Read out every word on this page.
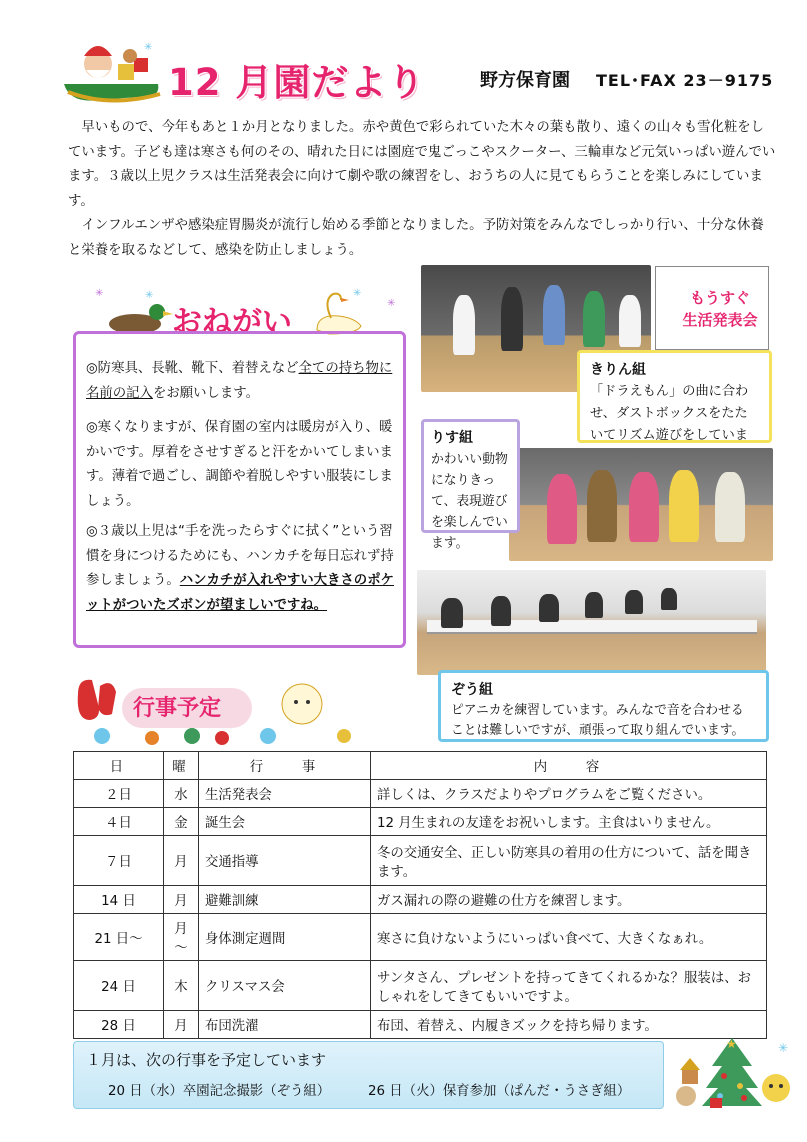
✳
12 月園だより	野方保育園 TEL･FAX 23－9175

早いもので、今年もあと１か月となりました。赤や黄色で彩られていた木々の葉も散り、遠くの山々も雪化粧をしています。子ども達は寒さも何のその、晴れた日には園庭で鬼ごっこやスクーター、三輪車など元気いっぱい遊んでいます。３歳以上児クラスは生活発表会に向けて劇や歌の練習をし、おうちの人に見てもらうことを楽しみにしています。

インフルエンザや感染症胃腸炎が流行し始める季節となりました。予防対策をみんなでしっかり行い、十分な休養と栄養を取るなどして、感染を防止しましょう。

✳	✳	✳
✳
おねがい
◎防寒具、長靴、靴下、着替えなど全ての持ち物に名前の記入をお願いします。
◎寒くなりますが、保育園の室内は暖房が入り、暖かいです。厚着をさせすぎると汗をかいてしまいます。薄着で過ごし、調節や着脱しやすい服装にしましょう。
◎３歳以上児は“手を洗ったらすぐに拭く”という習慣を身につけるためにも、ハンカチを毎日忘れず持参しましょう。ハンカチが入れやすい大きさのポケットがついたズボンが望ましいですね。
もうすぐ
生活発表会
きりん組
「ドラえもん」の曲に合わせ、ダストボックスをたたいてリズム遊びをしていま
りす組
かわいい動物になりきって、表現遊びを楽しんでいます。
ぞう組
ピアニカを練習しています。みんなで音を合わせることは難しいですが、頑張って取り組んでいます。
行事予定
日	曜	行　　事	内　　容
２日	水	生活発表会	詳しくは、クラスだよりやプログラムをご覧ください。
４日	金	誕生会	12 月生まれの友達をお祝いします。主食はいりません。
７日	月	交通指導	冬の交通安全、正しい防寒具の着用の仕方について、話を聞きます。
14 日	月	避難訓練	ガス漏れの際の避難の仕方を練習します。
21 日～	月～	身体測定週間	寒さに負けないようにいっぱい食べて、大きくなぁれ。
24 日	木	クリスマス会	サンタさん、プレゼントを持ってきてくれるかな？服装は、おしゃれをしてきてもいいですよ。
28 日	月	布団洗濯	布団、着替え、内履きズックを持ち帰ります。
１月は、次の行事を予定しています
20 日（水）卒園記念撮影（ぞう組）	26 日（火）保育参加（ぱんだ・うさぎ組）
★	✳
